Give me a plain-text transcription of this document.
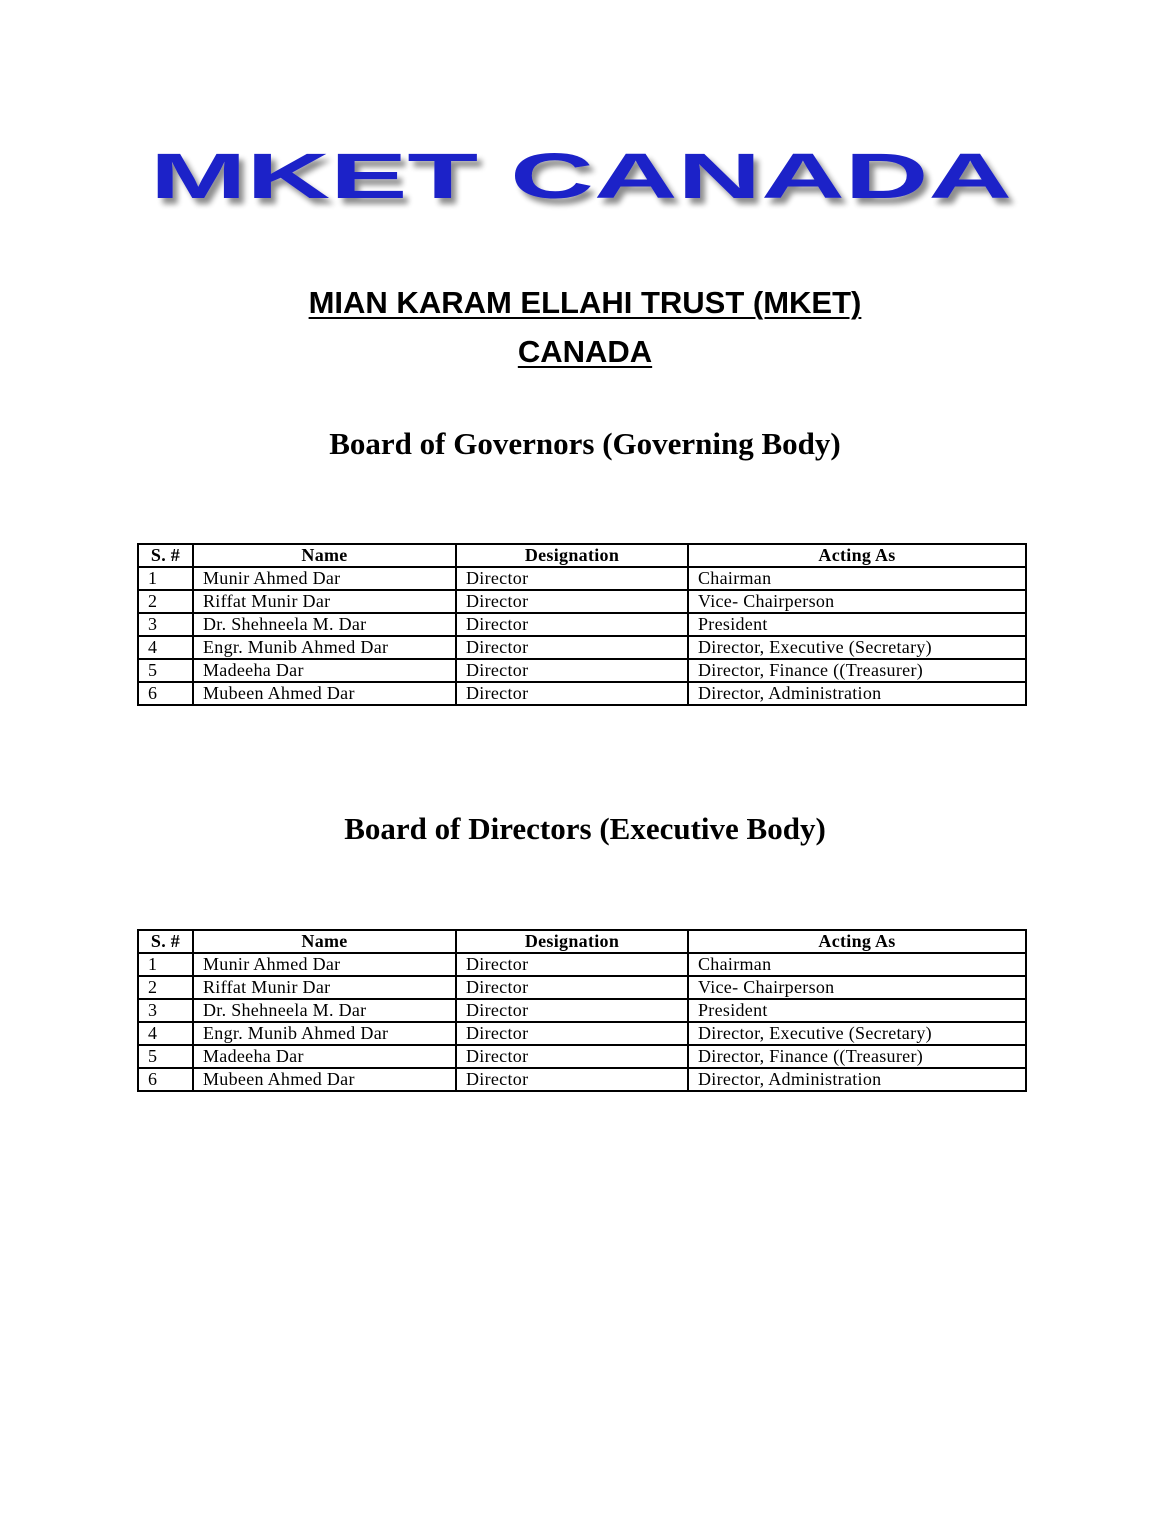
MKET CANADA
MIAN KARAM ELLAHI TRUST (MKET)
CANADA
Board of Governors (Governing Body)
S. #	Name	Designation	Acting As
1	Munir Ahmed Dar	Director	Chairman
2	Riffat Munir Dar	Director	Vice- Chairperson
3	Dr. Shehneela M. Dar	Director	President
4	Engr. Munib Ahmed Dar	Director	Director, Executive (Secretary)
5	Madeeha Dar	Director	Director, Finance ((Treasurer)
6	Mubeen Ahmed Dar	Director	Director, Administration
Board of Directors (Executive Body)
S. #	Name	Designation	Acting As
1	Munir Ahmed Dar	Director	Chairman
2	Riffat Munir Dar	Director	Vice- Chairperson
3	Dr. Shehneela M. Dar	Director	President
4	Engr. Munib Ahmed Dar	Director	Director, Executive (Secretary)
5	Madeeha Dar	Director	Director, Finance ((Treasurer)
6	Mubeen Ahmed Dar	Director	Director, Administration
